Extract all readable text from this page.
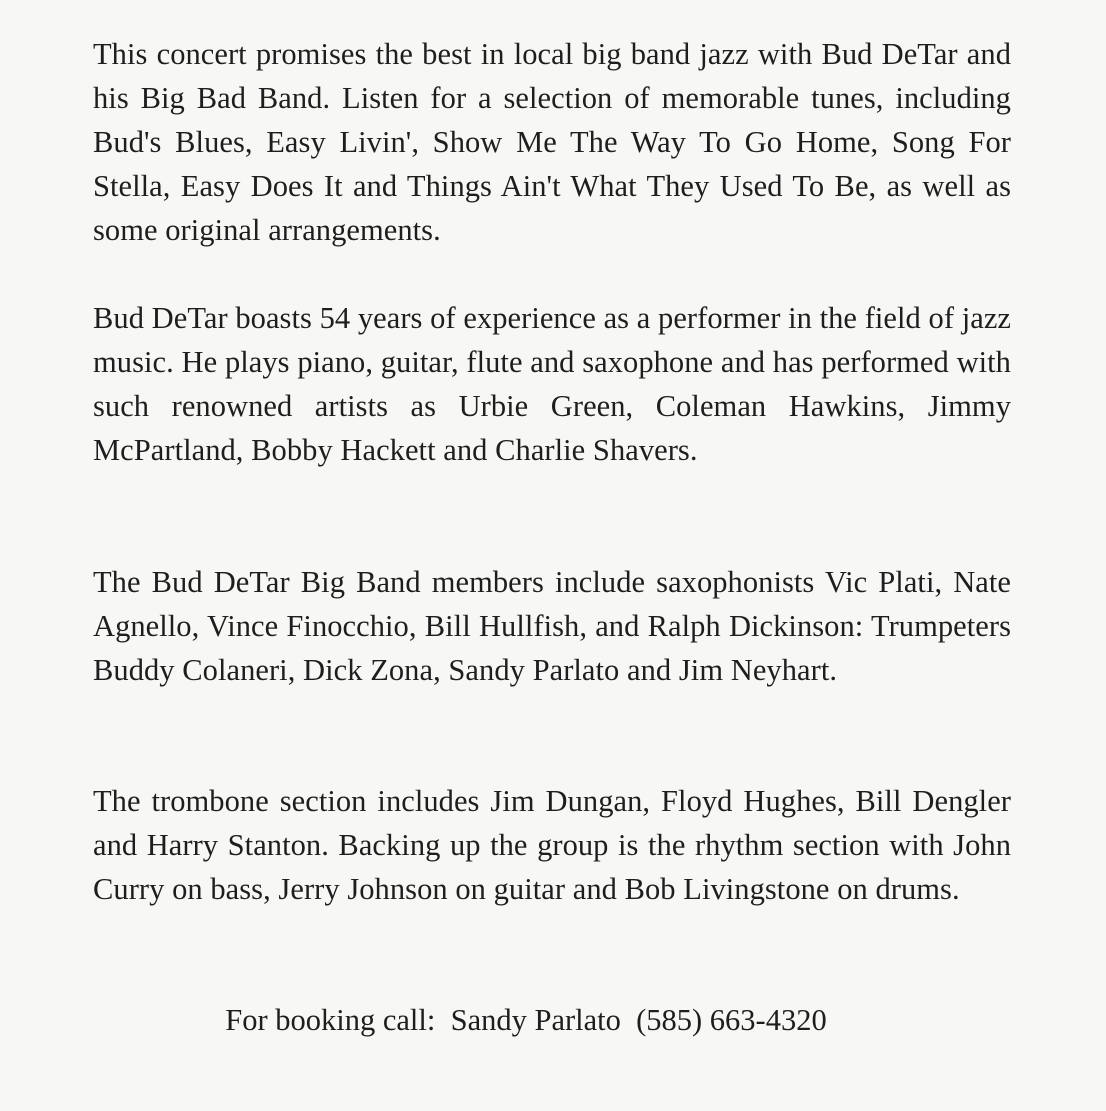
This concert promises the best in local big band jazz with Bud DeTar and his Big Bad Band. Listen for a selection of memorable tunes, including Bud's Blues, Easy Livin', Show Me The Way To Go Home, Song For Stella, Easy Does It and Things Ain't What They Used To Be, as well as some original arrangements.

Bud DeTar boasts 54 years of experience as a performer in the field of jazz music. He plays piano, guitar, flute and saxophone and has performed with such renowned artists as Urbie Green, Coleman Hawkins, Jimmy McPartland, Bobby Hackett and Charlie Shavers.

The Bud DeTar Big Band members include saxophonists Vic Plati, Nate Agnello, Vince Finocchio, Bill Hullfish, and Ralph Dickinson: Trumpeters Buddy Colaneri, Dick Zona, Sandy Parlato and Jim Neyhart.

The trombone section includes Jim Dungan, Floyd Hughes, Bill Dengler and Harry Stanton. Backing up the group is the rhythm section with John Curry on bass, Jerry Johnson on guitar and Bob Livingstone on drums.

For booking call:  Sandy Parlato  (585) 663-4320
